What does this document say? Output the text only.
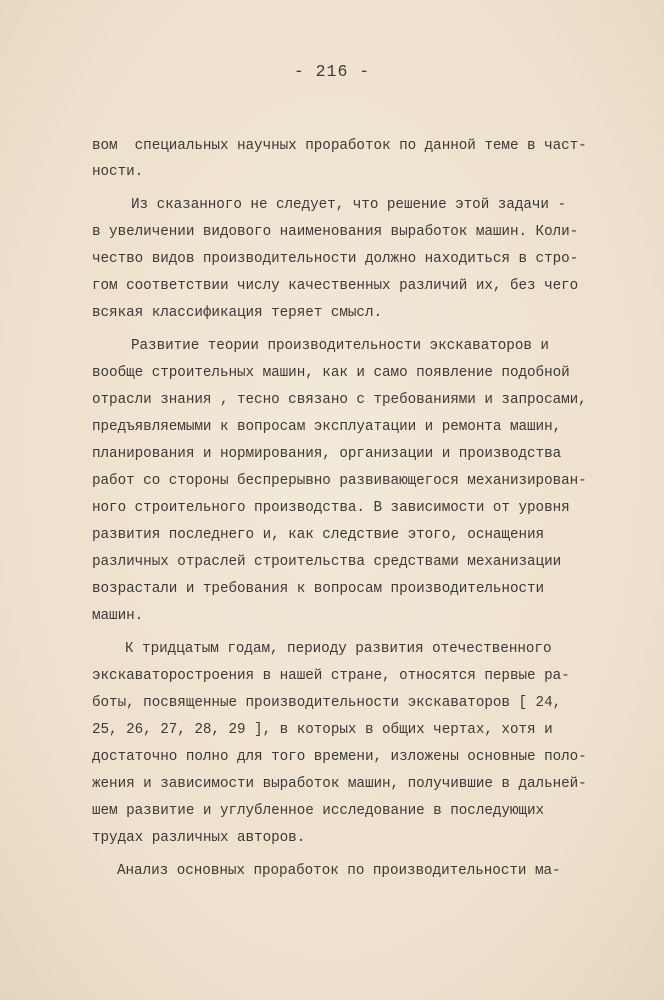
- 216 -
вом  специальных научных проработок по данной теме в част-
ности.
Из сказанного не следует, что решение этой задачи -
в увеличении видового наименования выработок машин. Коли-
чество видов производительности должно находиться в стро-
гом соответствии числу качественных различий их, без чего
всякая классификация теряет смысл.
Развитие теории производительности экскаваторов и
вообще строительных машин, как и само появление подобной
отрасли знания , тесно связано с требованиями и запросами,
предъявляемыми к вопросам эксплуатации и ремонта машин,
планирования и нормирования, организации и производства
работ со стороны беспрерывно развивающегося механизирован-
ного строительного производства. В зависимости от уровня
развития последнего и, как следствие этого, оснащения
различных отраслей строительства средствами механизации
возрастали и требования к вопросам производительности
машин.
К тридцатым годам, периоду развития отечественного
экскаваторостроения в нашей стране, относятся первые ра-
боты, посвященные производительности экскаваторов [ 24,
25, 26, 27, 28, 29 ], в которых в общих чертах, хотя и
достаточно полно для того времени, изложены основные поло-
жения и зависимости выработок машин, получившие в дальней-
шем развитие и углубленное исследование в последующих
трудах различных авторов.
Анализ основных проработок по производительности ма-
